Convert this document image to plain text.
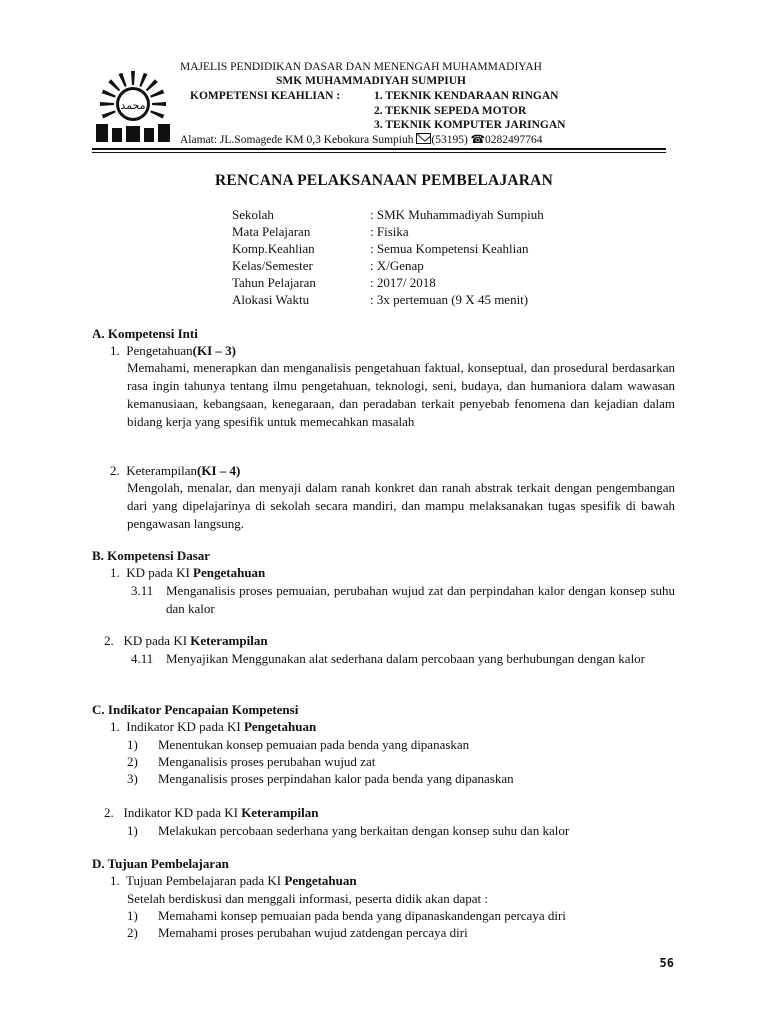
محمد
MAJELIS PENDIDIKAN DASAR DAN MENENGAH MUHAMMADIYAH
SMK MUHAMMADIYAH SUMPIUH
KOMPETENSI KEAHLIAN :	1. TEKNIK KENDARAAN RINGAN
2. TEKNIK SEPEDA MOTOR
3. TEKNIK KOMPUTER JARINGAN
Alamat: JL.Somagede KM 0,3 Kebokura Sumpiuh
(53195) ☎0282497764
RENCANA PELAKSANAAN PEMBELAJARAN
Sekolah	: SMK Muhammadiyah Sumpiuh
Mata Pelajaran	: Fisika
Komp.Keahlian	: Semua Kompetensi Keahlian
Kelas/Semester	: X/Genap
Tahun Pelajaran	: 2017/ 2018
Alokasi Waktu	: 3x pertemuan (9 X 45 menit)
A. Kompetensi Inti
1. Pengetahuan(KI – 3)
Memahami, menerapkan dan menganalisis pengetahuan faktual, konseptual, dan prosedural berdasarkan rasa ingin tahunya tentang ilmu pengetahuan, teknologi, seni, budaya, dan humaniora dalam wawasan kemanusiaan, kebangsaan, kenegaraan, dan peradaban terkait penyebab fenomena dan kejadian dalam bidang kerja yang spesifik untuk memecahkan masalah
2. Keterampilan(KI – 4)
Mengolah, menalar, dan menyaji dalam ranah konkret dan ranah abstrak terkait dengan pengembangan dari yang dipelajarinya di sekolah secara mandiri, dan mampu melaksanakan tugas spesifik di bawah pengawasan langsung.
B. Kompetensi Dasar
1. KD pada KI Pengetahuan
3.11 Menganalisis proses pemuaian, perubahan wujud zat dan perpindahan kalor dengan konsep suhu dan kalor
2. KD pada KI Keterampilan
4.11 Menyajikan Menggunakan alat sederhana dalam percobaan yang berhubungan dengan kalor
C. Indikator Pencapaian Kompetensi
1. Indikator KD pada KI Pengetahuan
1) Menentukan konsep pemuaian pada benda yang dipanaskan
2) Menganalisis proses perubahan wujud zat
3) Menganalisis proses perpindahan kalor pada benda yang dipanaskan
2. Indikator KD pada KI Keterampilan
1) Melakukan percobaan sederhana yang berkaitan dengan konsep suhu dan kalor
D. Tujuan Pembelajaran
1. Tujuan Pembelajaran pada KI Pengetahuan
Setelah berdiskusi dan menggali informasi, peserta didik akan dapat :
1) Memahami konsep pemuaian pada benda yang dipanaskandengan percaya diri
2) Memahami proses perubahan wujud zatdengan percaya diri
56
